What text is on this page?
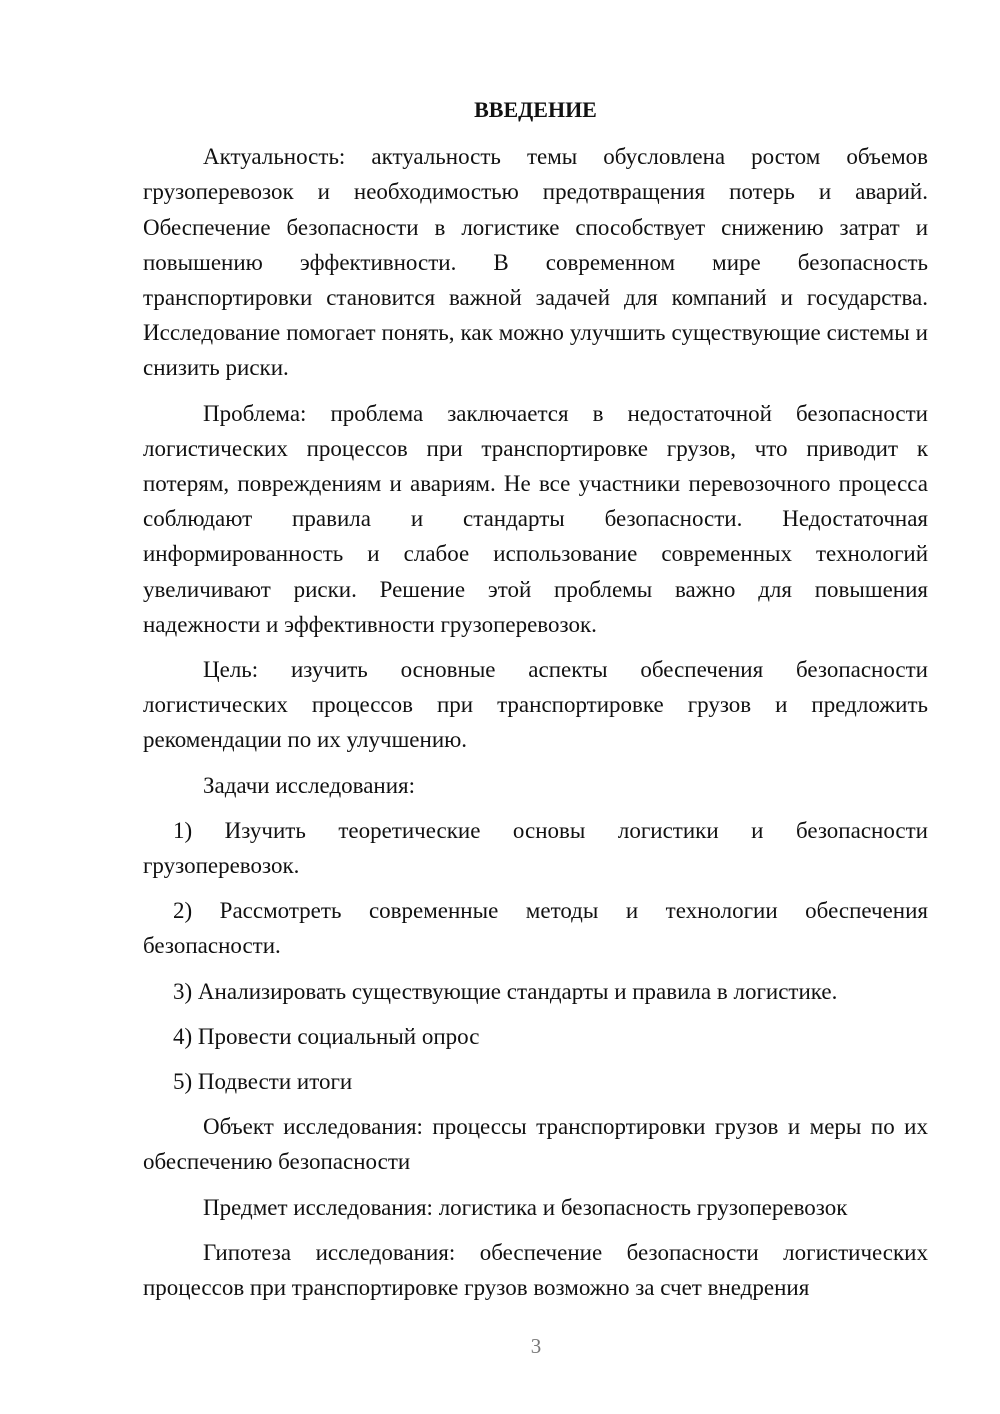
ВВЕДЕНИЕ

Актуальность: актуальность темы обусловлена ростом объемов грузоперевозок и необходимостью предотвращения потерь и аварий. Обеспечение безопасности в логистике способствует снижению затрат и повышению эффективности. В современном мире безопасность транспортировки становится важной задачей для компаний и государства. Исследование помогает понять, как можно улучшить существующие системы и снизить риски.

Проблема: проблема заключается в недостаточной безопасности логистических процессов при транспортировке грузов, что приводит к потерям, повреждениям и авариям. Не все участники перевозочного процесса соблюдают правила и стандарты безопасности. Недостаточная информированность и слабое использование современных технологий увеличивают риски. Решение этой проблемы важно для повышения надежности и эффективности грузоперевозок.

Цель: изучить основные аспекты обеспечения безопасности логистических процессов при транспортировке грузов и предложить рекомендации по их улучшению.

Задачи исследования:

1) Изучить теоретические основы логистики и безопасности грузоперевозок.

2) Рассмотреть современные методы и технологии обеспечения безопасности.

3) Анализировать существующие стандарты и правила в логистике.

4) Провести социальный опрос

5) Подвести итоги

Объект исследования: процессы транспортировки грузов и меры по их обеспечению безопасности

Предмет исследования: логистика и безопасность грузоперевозок

Гипотеза исследования: обеспечение безопасности логистических процессов при транспортировке грузов возможно за счет внедрения

3
